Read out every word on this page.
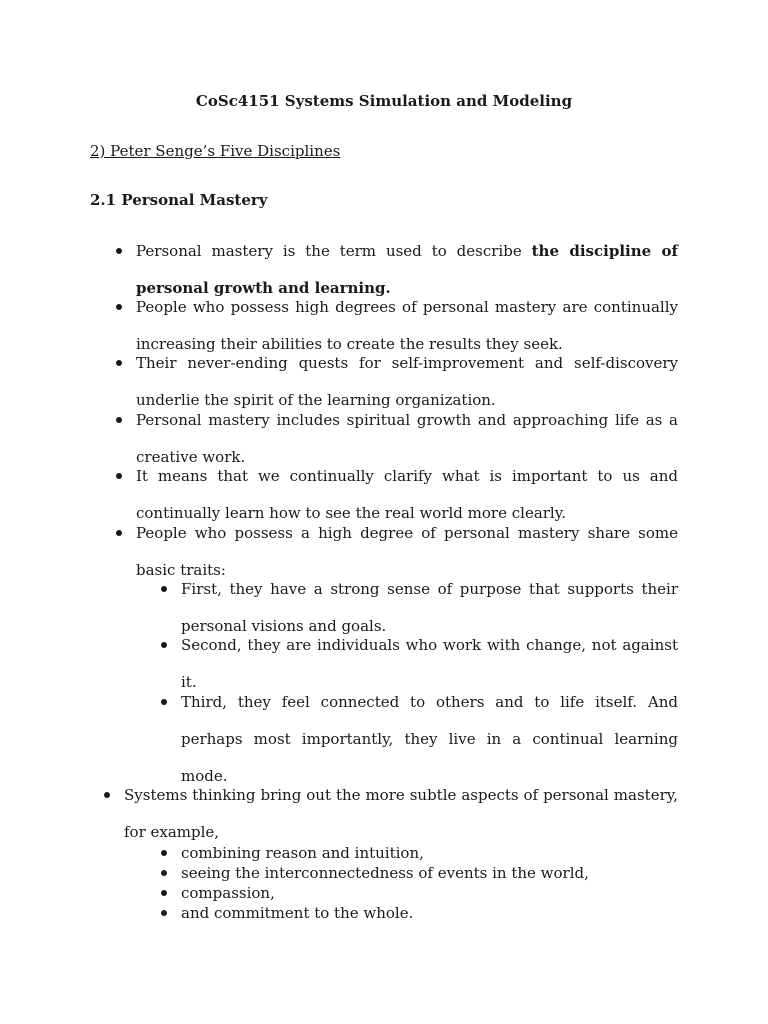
CoSc4151 Systems Simulation and Modeling
2) Peter Senge’s Five Disciplines
2.1 Personal Mastery
Personal mastery is the term used to describe the discipline of personal growth and learning.
People who possess high degrees of personal mastery are continually increasing their abilities to create the results they seek.
Their never-ending quests for self-improvement and self-discovery underlie the spirit of the learning organization.
Personal mastery includes spiritual growth and approaching life as a creative work.
It means that we continually clarify what is important to us and continually learn how to see the real world more clearly.
People who possess a high degree of personal mastery share some basic traits:
First, they have a strong sense of purpose that supports their personal visions and goals.
Second, they are individuals who work with change, not against it.
Third, they feel connected to others and to life itself. And perhaps most importantly, they live in a continual learning mode.
Systems thinking bring out the more subtle aspects of personal mastery, for example,
combining reason and intuition,
seeing the interconnectedness of events in the world,
compassion,
and commitment to the whole.
